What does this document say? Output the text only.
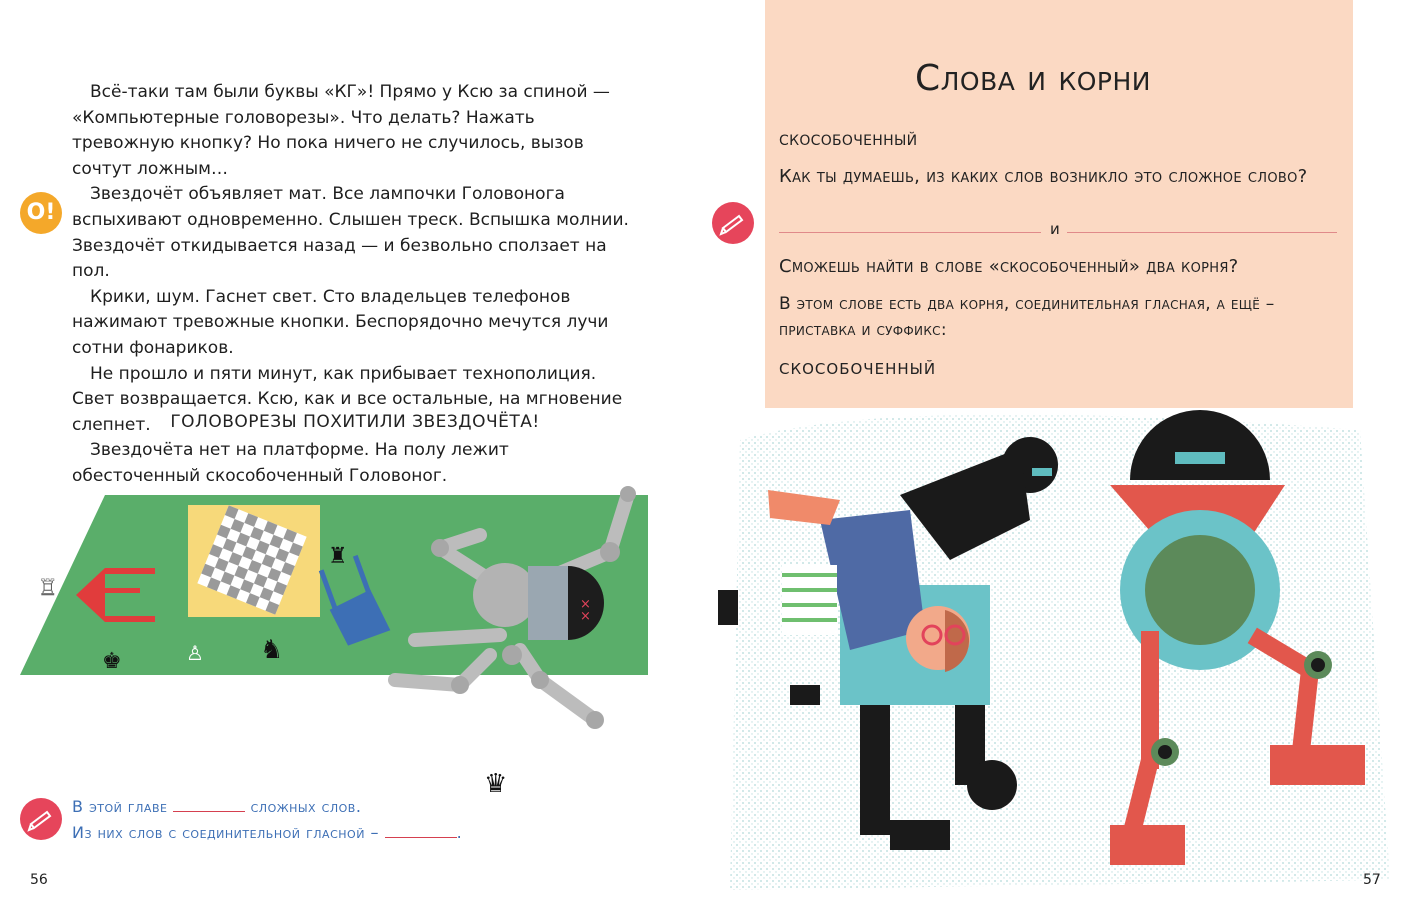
Всё-таки там были буквы «КГ»! Прямо у Ксю за спиной — «Компьютерные головорезы». Что делать? Нажать тревожную кнопку? Но пока ничего не случилось, вызов сочтут ложным…

Звездочёт объявляет мат. Все лампочки Головонога вспыхивают одновременно. Слышен треск. Вспышка молнии. Звездочёт откидывается назад — и безвольно сползает на пол.

Крики, шум. Гаснет свет. Сто владельцев телефонов нажимают тревожные кнопки. Беспорядочно мечутся лучи сотни фонариков.

Не прошло и пяти минут, как прибывает технополиция. Свет возвращается. Ксю, как и все остальные, на мгновение слепнет.

Звездочёта нет на платформе. На полу лежит обесточенный скособоченный Головоног.

О!
ГОЛОВОРЕЗЫ ПОХИТИЛИ ЗВЕЗДОЧЁТА!
×
×
♜
♖
♚	♙ ♞
♛
В этой главе	сложных слов.
Из них слов с соединительной гласной –	.
56
Слова и корни
скособоченный
Как ты думаешь, из каких слов возникло это сложное слово?
и
Сможешь найти в слове «скособоченный» два корня?
В этом слове есть два корня, соединительная гласная, а ещё –
приставка и суффикс:
скособоченный
57
